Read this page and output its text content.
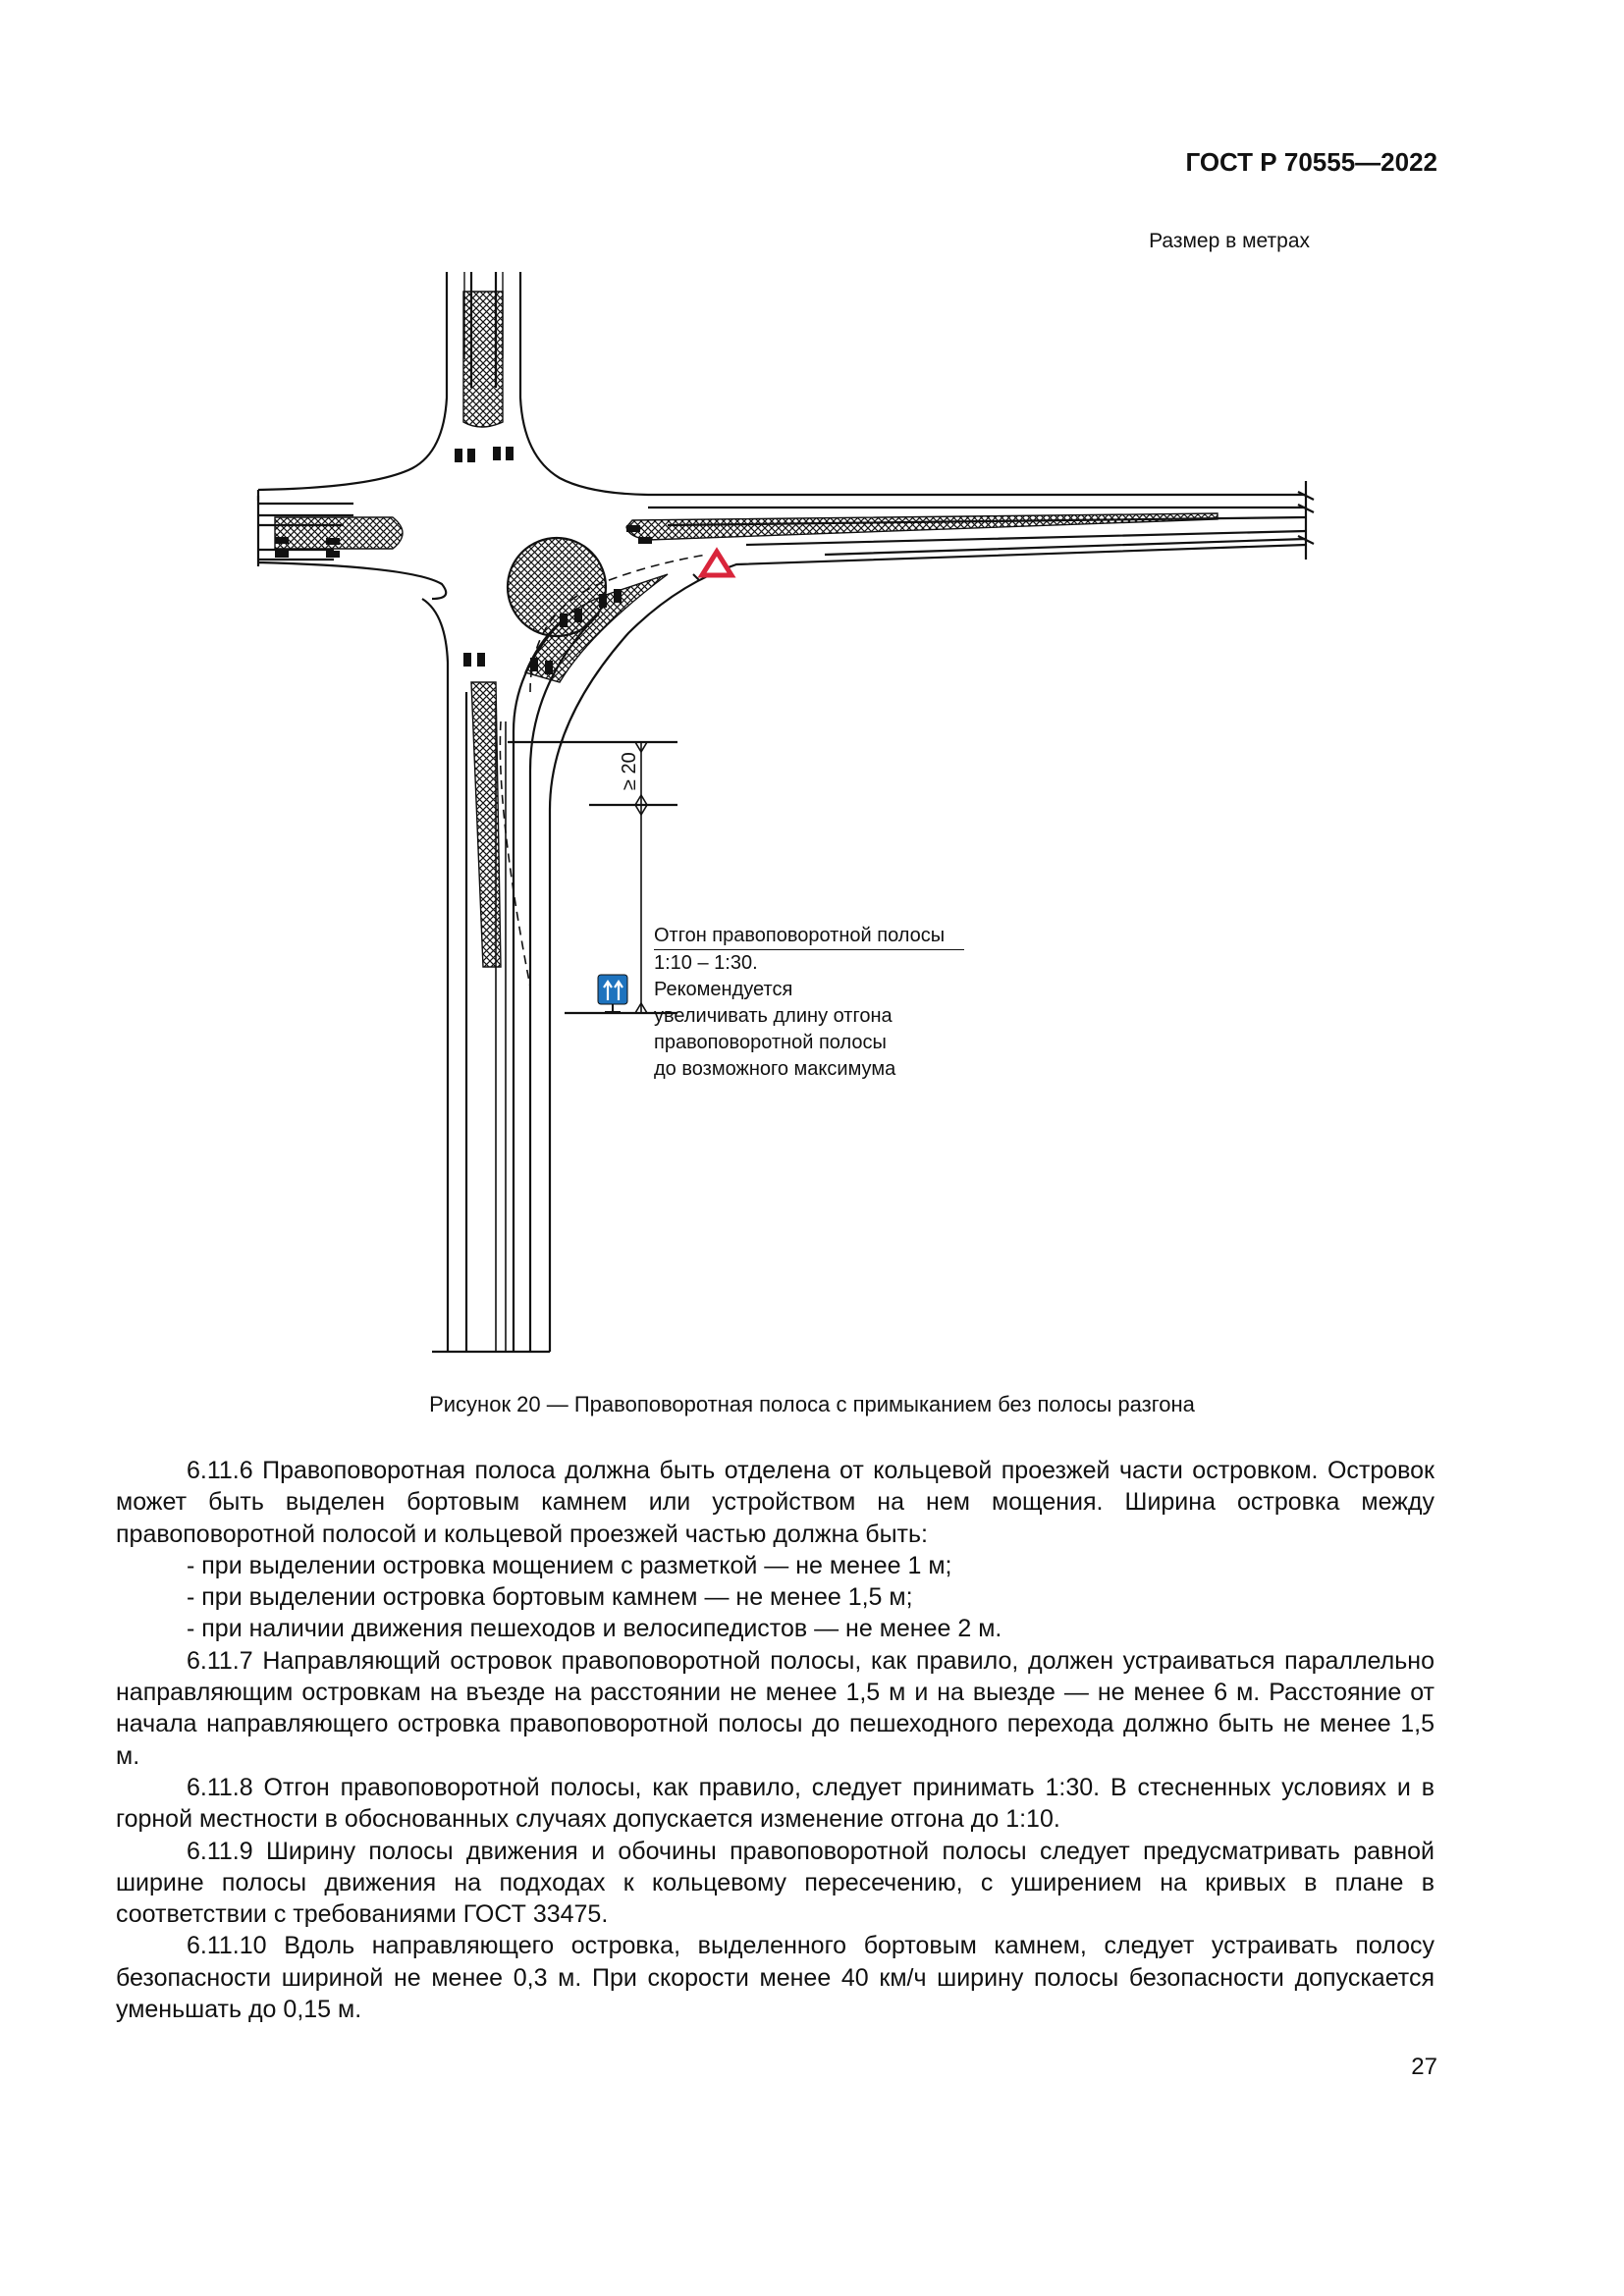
ГОСТ Р 70555—2022
Размер в метрах
≥ 20
Отгон правоповоротной полосы
1:10 – 1:30.
Рекомендуется
увеличивать длину отгона
правоповоротной полосы
до возможного максимума
Рисунок 20 — Правоповоротная полоса с примыканием без полосы разгона

6.11.6 Правоповоротная полоса должна быть отделена от кольцевой проезжей части островком. Островок может быть выделен бортовым камнем или устройством на нем мощения. Ширина островка между правоповоротной полосой и кольцевой проезжей частью должна быть:

- при выделении островка мощением с разметкой — не менее 1 м;

- при выделении островка бортовым камнем — не менее 1,5 м;

- при наличии движения пешеходов и велосипедистов — не менее 2 м.

6.11.7 Направляющий островок правоповоротной полосы, как правило, должен устраиваться параллельно направляющим островкам на въезде на расстоянии не менее 1,5 м и на выезде — не менее 6 м. Расстояние от начала направляющего островка правоповоротной полосы до пешеходного перехода должно быть не менее 1,5 м.

6.11.8 Отгон правоповоротной полосы, как правило, следует принимать 1:30. В стесненных условиях и в горной местности в обоснованных случаях допускается изменение отгона до 1:10.

6.11.9 Ширину полосы движения и обочины правоповоротной полосы следует предусматривать равной ширине полосы движения на подходах к кольцевому пересечению, с уширением на кривых в плане в соответствии с требованиями ГОСТ 33475.

6.11.10 Вдоль направляющего островка, выделенного бортовым камнем, следует устраивать полосу безопасности шириной не менее 0,3 м. При скорости менее 40 км/ч ширину полосы безопасности допускается уменьшать до 0,15 м.

27
